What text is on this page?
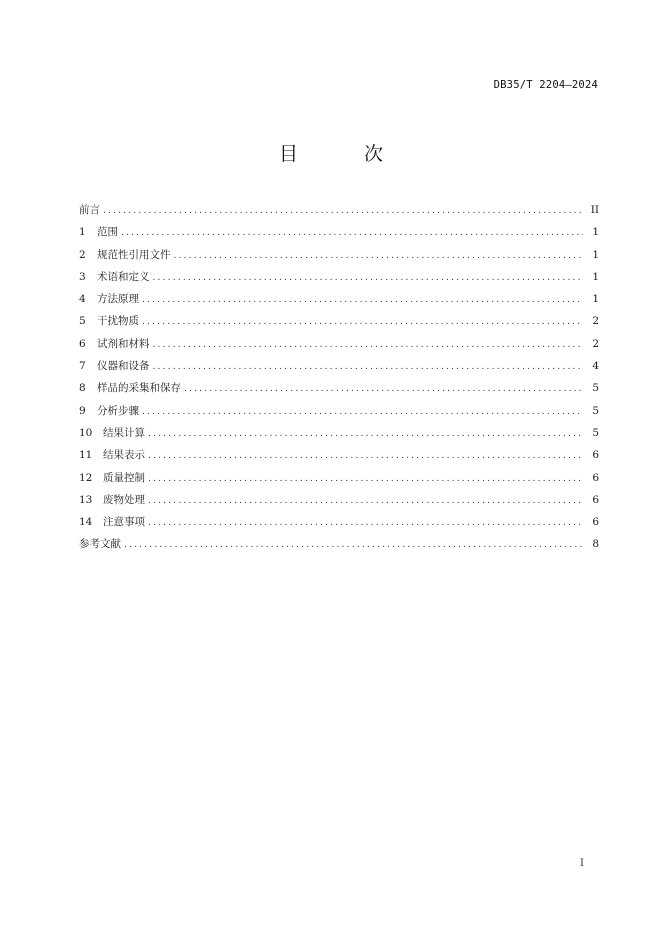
DB35/T 2204—2024
目 次
前言 .....	II
1	范围 .....	1
2	规范性引用文件 .....	1
3	术语和定义 .....	1
4	方法原理 .....	1
5	干扰物质 .....	2
6	试剂和材料 .....	2
7	仪器和设备 .....	4
8	样品的采集和保存 .....	5
9	分析步骤 .....	5
10	结果计算 .....	5
11	结果表示 .....	6
12	质量控制 .....	6
13	废物处理 .....	6
14	注意事项 .....	6
参考文献 .....	8
I
